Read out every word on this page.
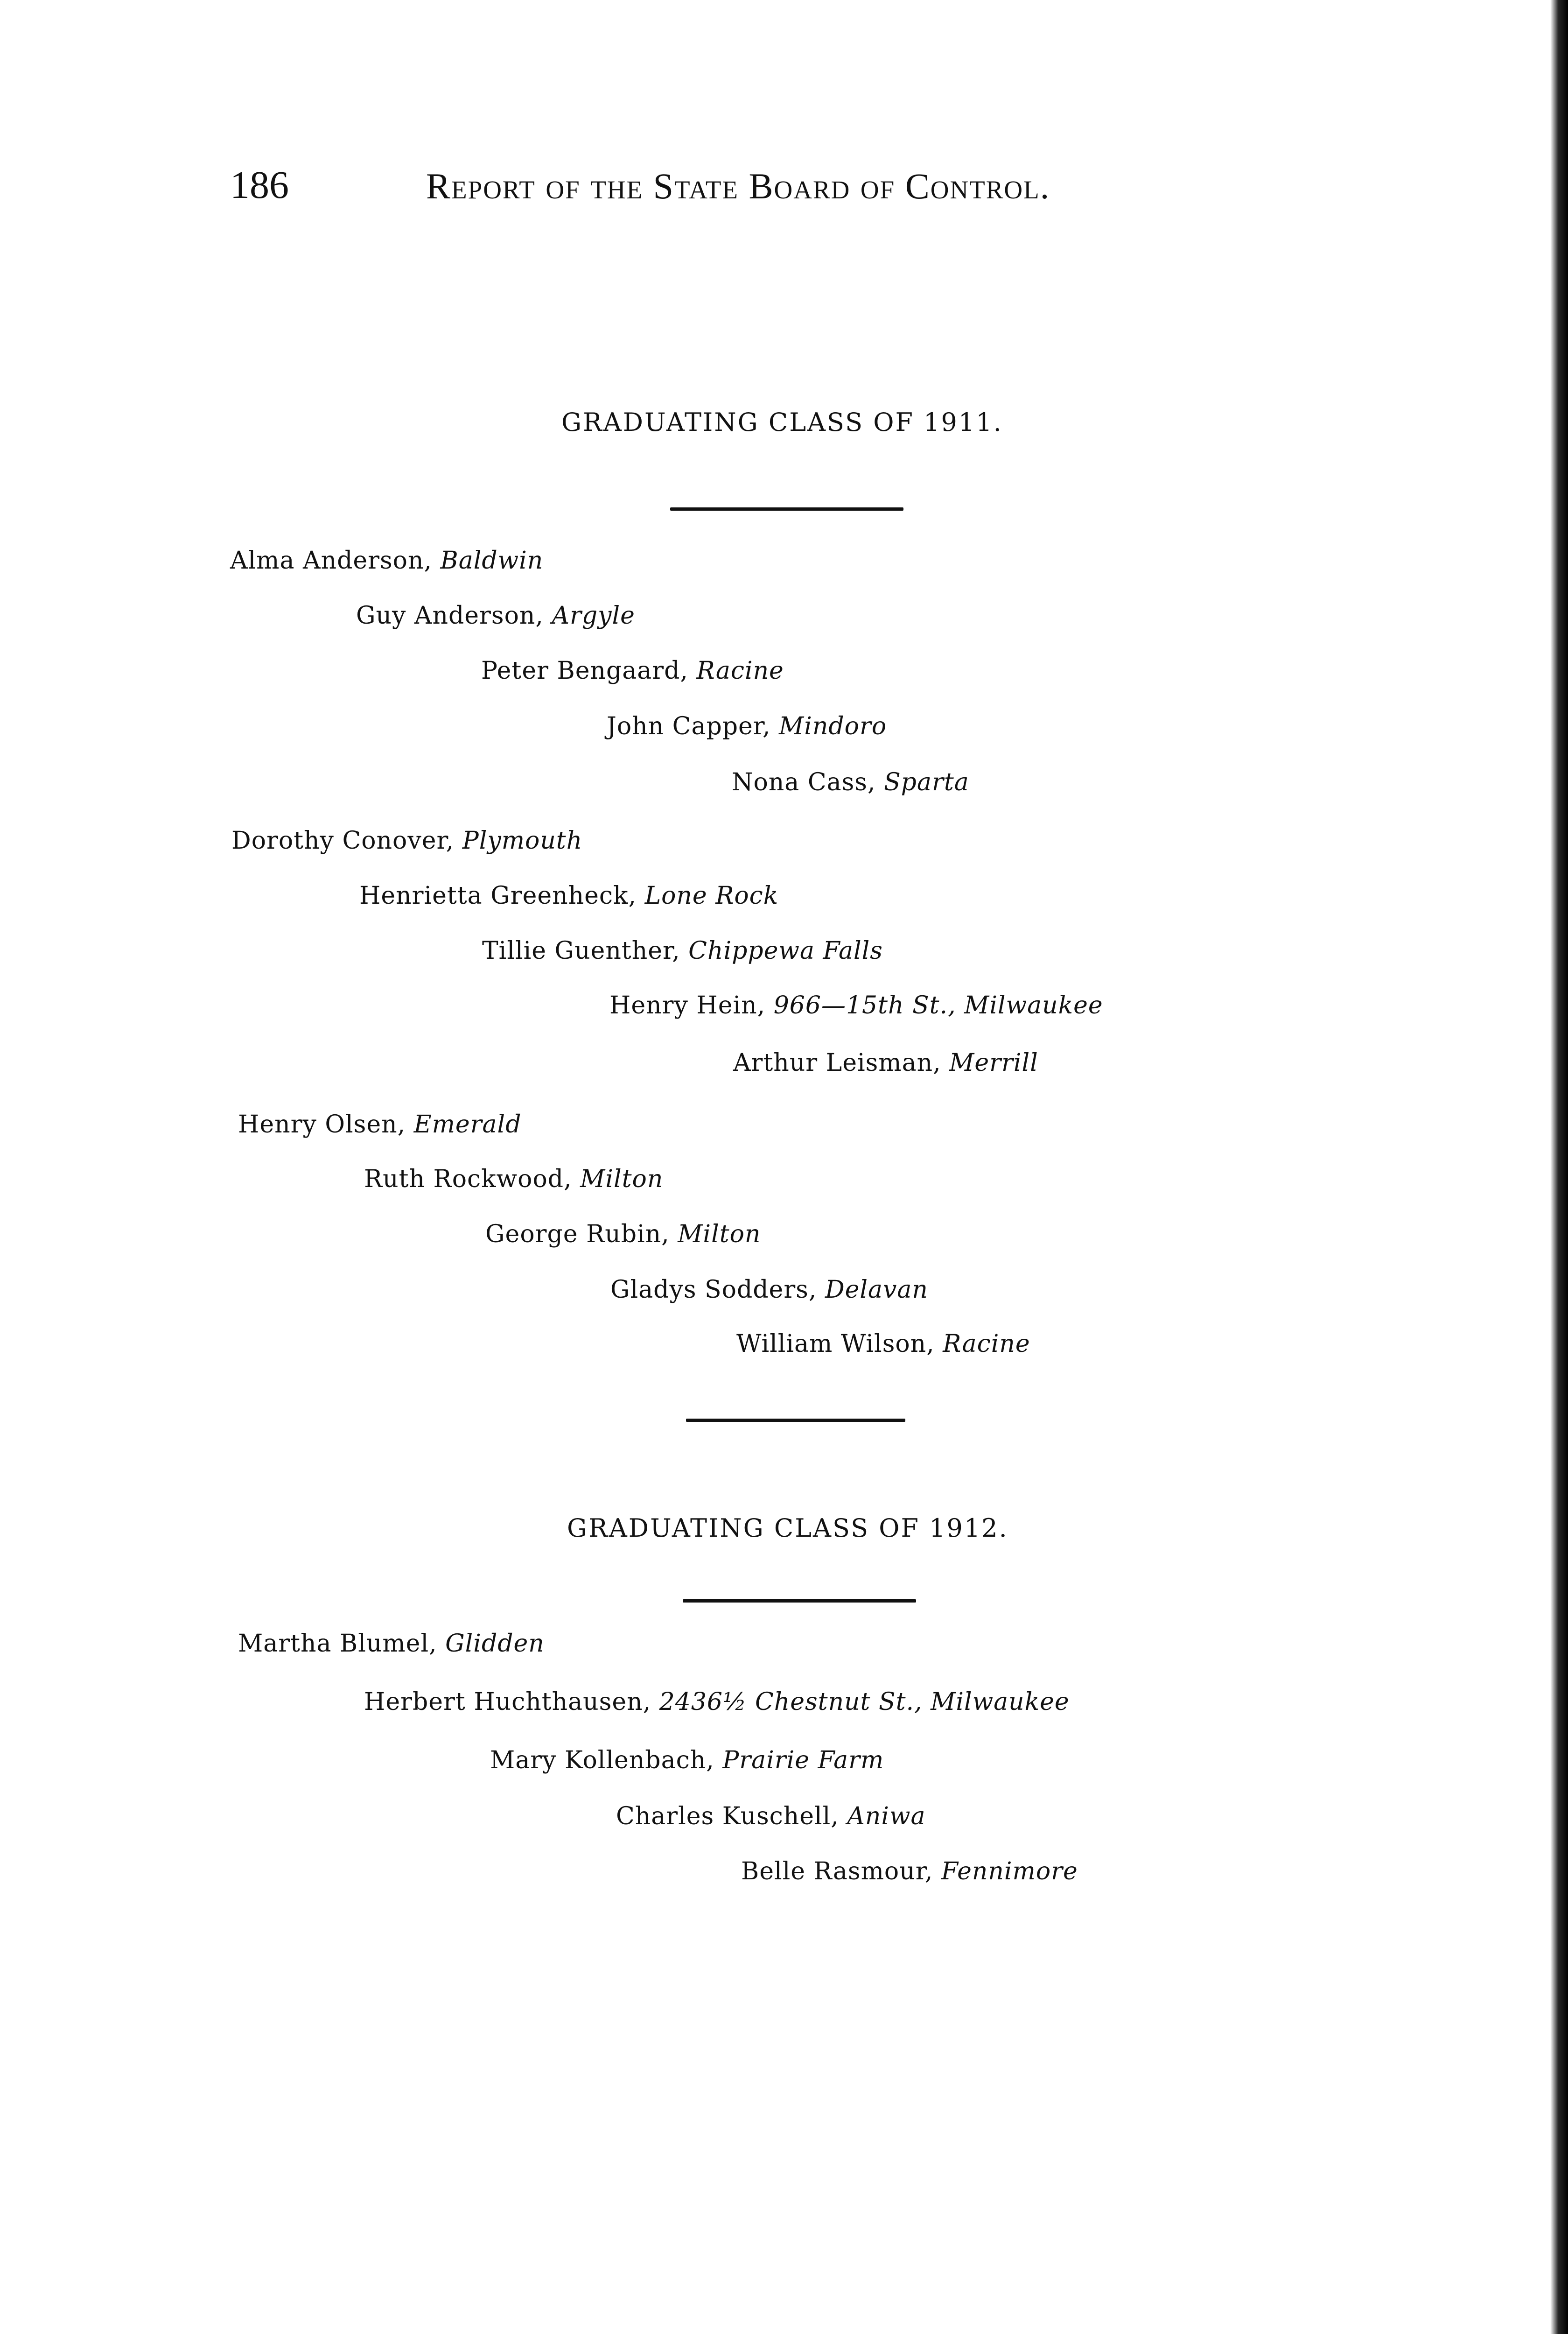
186	Report of the State Board of Control.
GRADUATING CLASS OF 1911.
Alma Anderson, Baldwin
Guy Anderson, Argyle
Peter Bengaard, Racine
John Capper, Mindoro
Nona Cass, Sparta
Dorothy Conover, Plymouth
Henrietta Greenheck, Lone Rock
Tillie Guenther, Chippewa Falls
Henry Hein, 966—15th St., Milwaukee
Arthur Leisman, Merrill
Henry Olsen, Emerald
Ruth Rockwood, Milton
George Rubin, Milton
Gladys Sodders, Delavan
William Wilson, Racine
GRADUATING CLASS OF 1912.
Martha Blumel, Glidden
Herbert Huchthausen, 2436½ Chestnut St., Milwaukee
Mary Kollenbach, Prairie Farm
Charles Kuschell, Aniwa
Belle Rasmour, Fennimore
